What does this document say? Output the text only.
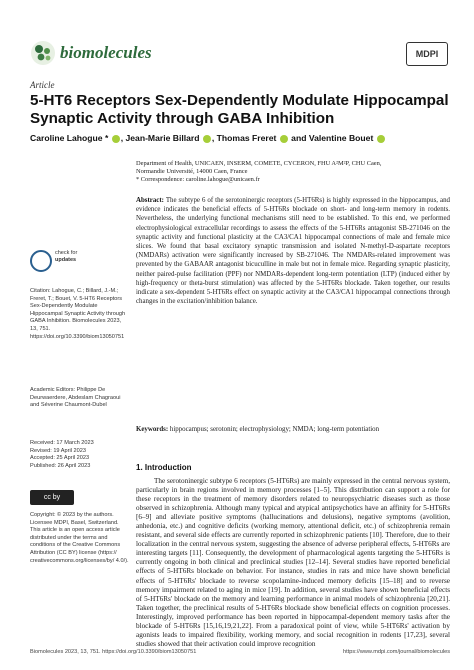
biomolecules	MDPI
Article
5-HT6 Receptors Sex-Dependently Modulate Hippocampal Synaptic Activity through GABA Inhibition
Caroline Lahogue * , Jean-Marie Billard , Thomas Freret  and Valentine Bouet
Department of Health, UNICAEN, INSERM, COMETE, CYCERON, FHU A²M²P, CHU Caen,
Normandie Université, 14000 Caen, France
* Correspondence: caroline.lahogue@unicaen.fr
Abstract: The subtype 6 of the serotoninergic receptors (5-HT6Rs) is highly expressed in the hippocampus, and evidence indicates the beneficial effects of 5-HT6Rs blockade on short- and long-term memory in rodents. Nevertheless, the underlying functional mechanisms still need to be established. To this end, we performed electrophysiological extracellular recordings to assess the effects of the 5-HT6Rs antagonist SB-271046 on the synaptic activity and functional plasticity at the CA3/CA1 hippocampal connections of male and female mice slices. We found that basal excitatory synaptic transmission and isolated N-methyl-D-aspartate receptors (NMDARs) activation were significantly increased by SB-271046. The NMDARs-related improvement was prevented by the GABAAR antagonist bicuculline in male but not in female mice. Regarding synaptic plasticity, neither paired-pulse facilitation (PPF) nor NMDARs-dependent long-term potentiation (LTP) (induced either by high-frequency or theta-burst stimulation) was affected by the 5-HT6Rs blockade. Taken together, our results indicate a sex-dependent 5-HT6Rs effect on synaptic activity at the CA3/CA1 hippocampal connections through changes in the excitation/inhibition balance.
Keywords: hippocampus; serotonin; electrophysiology; NMDA; long-term potentiation
check for
updates
Citation: Lahogue, C.; Billard, J.-M.; Freret, T.; Bouet, V. 5-HT6 Receptors Sex-Dependently Modulate Hippocampal Synaptic Activity through GABA Inhibition. Biomolecules 2023, 13, 751. https://doi.org/10.3390/biom13050751
Academic Editors: Philippe De Deurwaerdere, Abdeslam Chagraoui and Séverine Chaumont-Dubel
Received: 17 March 2023
Revised: 19 April 2023
Accepted: 25 April 2023
Published: 26 April 2023
cc by
Copyright: © 2023 by the authors. Licensee MDPI, Basel, Switzerland. This article is an open access article distributed under the terms and conditions of the Creative Commons Attribution (CC BY) license (https:// creativecommons.org/licenses/by/ 4.0/).
1. Introduction
The serotoninergic subtype 6 receptors (5-HT6Rs) are mainly expressed in the central nervous system, particularly in brain regions involved in memory processes [1–5]. This distribution can support a role for these receptors in the treatment of memory disorders related to neuropsychiatric diseases such as those observed in schizophrenia. Although many typical and atypical antipsychotics have an affinity for 5-HT6Rs [6–9] and alleviate positive symptoms (hallucinations and delusions), negative symptoms (avolition, anhedonia, etc.) and cognitive deficits (working memory, attentional deficit, etc.) of schizophrenia remain resistant, and several side effects are currently reported in schizophrenic patients [10]. Therefore, due to their localization in the central nervous system, suggesting the absence of adverse peripheral effects, 5-HT6Rs are interesting targets [11]. Consequently, the development of pharmacological agents targeting the 5-HT6Rs is currently ongoing in both clinical and preclinical studies [12–14]. Several studies have reported beneficial effects of 5-HT6Rs blockade on behavior. For instance, studies in rats and mice have shown beneficial effects of 5-HT6Rs' blockade to reverse scopolamine-induced memory deficits [15–18] and to reverse memory impairment related to aging in mice [19]. In addition, several studies have shown beneficial effects of 5-HT6Rs' blockade on the memory and learning performance in animal models of schizophrenia [20,21]. Taken together, the preclinical results of 5-HT6Rs blockade show beneficial effects on cognition processes. Interestingly, improved performance has been reported in hippocampal-dependent memory tasks after the blockade of 5-HT6Rs [15,16,19,21,22]. From a paradoxical point of view, while 5-HT6Rs' activation by agonists leads to impaired flexibility, working memory, and social recognition in rodents [17,23], several studies showed that their activation could improve recognition
Biomolecules 2023, 13, 751. https://doi.org/10.3390/biom13050751	https://www.mdpi.com/journal/biomolecules
